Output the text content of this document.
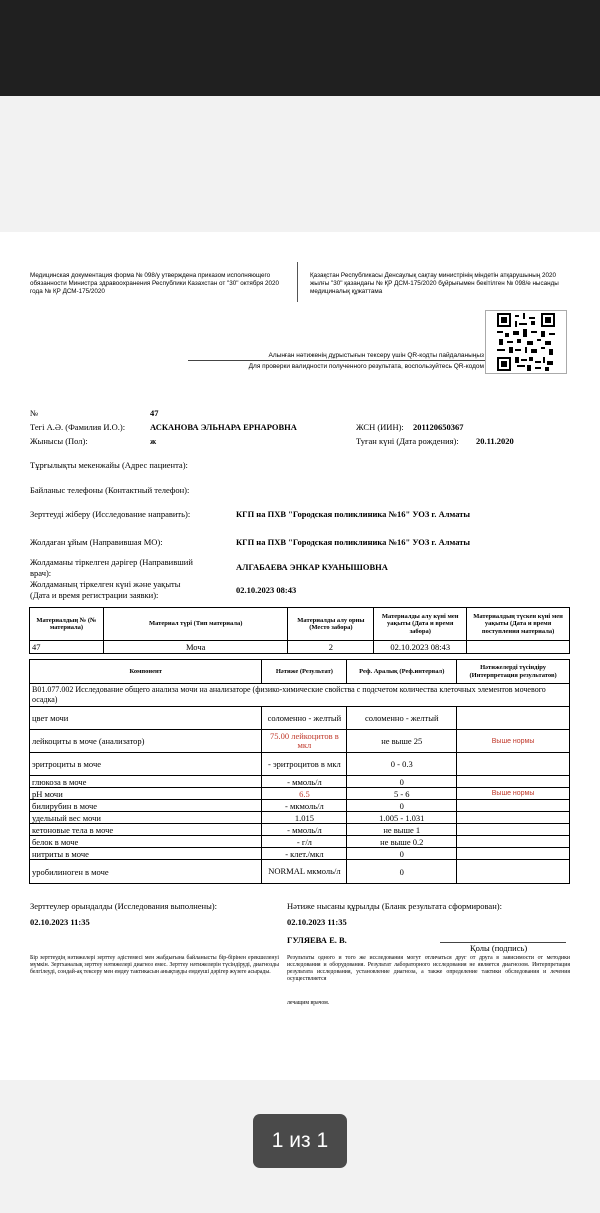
Медицинская документация форма № 098/у утверждена приказом исполняющего обязанности Министра здравоохранения Республики Казахстан от "30" октября 2020 года № ҚР ДСМ-175/2020
Қазақстан Республикасы Денсаулық сақтау министрінің міндетін атқарушының 2020 жылғы "30" қазандағы № ҚР ДСМ-175/2020 бұйрығымен бекітілген № 098/е нысанды медициналық құжаттама
Алынған нәтиженің дұрыстығын тексеру үшін QR-кодты пайдаланыңыз
Для проверки валидности полученного результата, воспользуйтесь QR-кодом
№	47
Тегі А.Ә. (Фамилия И.О.):	АСКАНОВА ЭЛЬНАРА ЕРНАРОВНА	ЖСН (ИИН): 201120650367
Жынысы (Пол):	ж	Туған күні (Дата рождения): 20.11.2020
Тұрғылықты мекенжайы (Адрес пациента):
Байланыс телефоны (Контактный телефон):
Зерттеуді жіберу (Исследование направить):	КГП на ПХВ "Городская поликлиника №16" УОЗ г. Алматы
Жолдаған ұйым (Направившая МО):	КГП на ПХВ "Городская поликлиника №16" УОЗ г. Алматы
Жолдаманы тіркелген дәрігер (Направивший
врач):
АЛГАБАЕВА ЭНКАР КУАНЫШОВНА
Жолдаманың тіркелген күні және уақыты
(Дата и время регистрации заявки):	02.10.2023 08:43
Материалдың № (№ материала)	Материал түрі (Тип материала)	Материалды алу орны (Место забора)	Материалды алу күні мен уақыты (Дата и время забора)	Материалдың түскен күні мен уақыты (Дата и время поступления материала)
47	Моча	2	02.10.2023 08:43	
Компонент	Нәтиже (Результат)	Реф. Аралық (Реф.интервал)	Нәтижелерді түсіндіру (Интерпретация результатов)
B01.077.002 Исследование общего анализа мочи на анализаторе (физико-химические свойства с подсчетом количества клеточных элементов мочевого осадка)			
цвет мочи	соломенно - желтый	соломенно - желтый	
лейкоциты в моче (анализатор)	75.00 лейкоцитов в мкл	не выше 25	Выше нормы
эритроциты в моче	- эритроцитов в мкл	0 - 0.3	
глюкоза в моче	- ммоль/л	0	
pH мочи	6.5	5 - 6	Выше нормы
билирубин в моче	- мкмоль/л	0	
удельный вес мочи	1.015	1.005 - 1.031	
кетоновые тела в моче	- ммоль/л	не выше 1	
белок в моче	- г/л	не выше 0.2	
нитриты в моче	- клет./мкл	0	
уробилиноген в моче	NORMAL мкмоль/л	0	
Зерттеулер орындалды (Исследования выполнены):
02.10.2023 11:35
Нәтиже нысаны құрылды (Бланк результата сформирован):
02.10.2023 11:35
ГУЛЯЕВА Е. В.
Қолы (подпись)
Бір зерттеудің нәтижелері зерттеу әдістемесі мен жабдығына байланысты бір-бірінен ерекшеленуі мүмкін. Зертханалық зерттеу нәтижелері диагноз емес. Зерттеу нәтижелерін түсіндіруді, диагнозды белгілеуді, сондай-ақ тексеру мен емдеу тактикасын анықтауды емдеуші дәрігер жүзеге асырады.
Результаты одного и того же исследования могут отличаться друг от друга в зависимости от методики исследования и оборудования. Результат лабораторного исследования не является диагнозом. Интерпретация результата исследования, установление диагноза, а также определение тактики обследования и лечения осуществляется
лечащим врачом.
1 из 1
